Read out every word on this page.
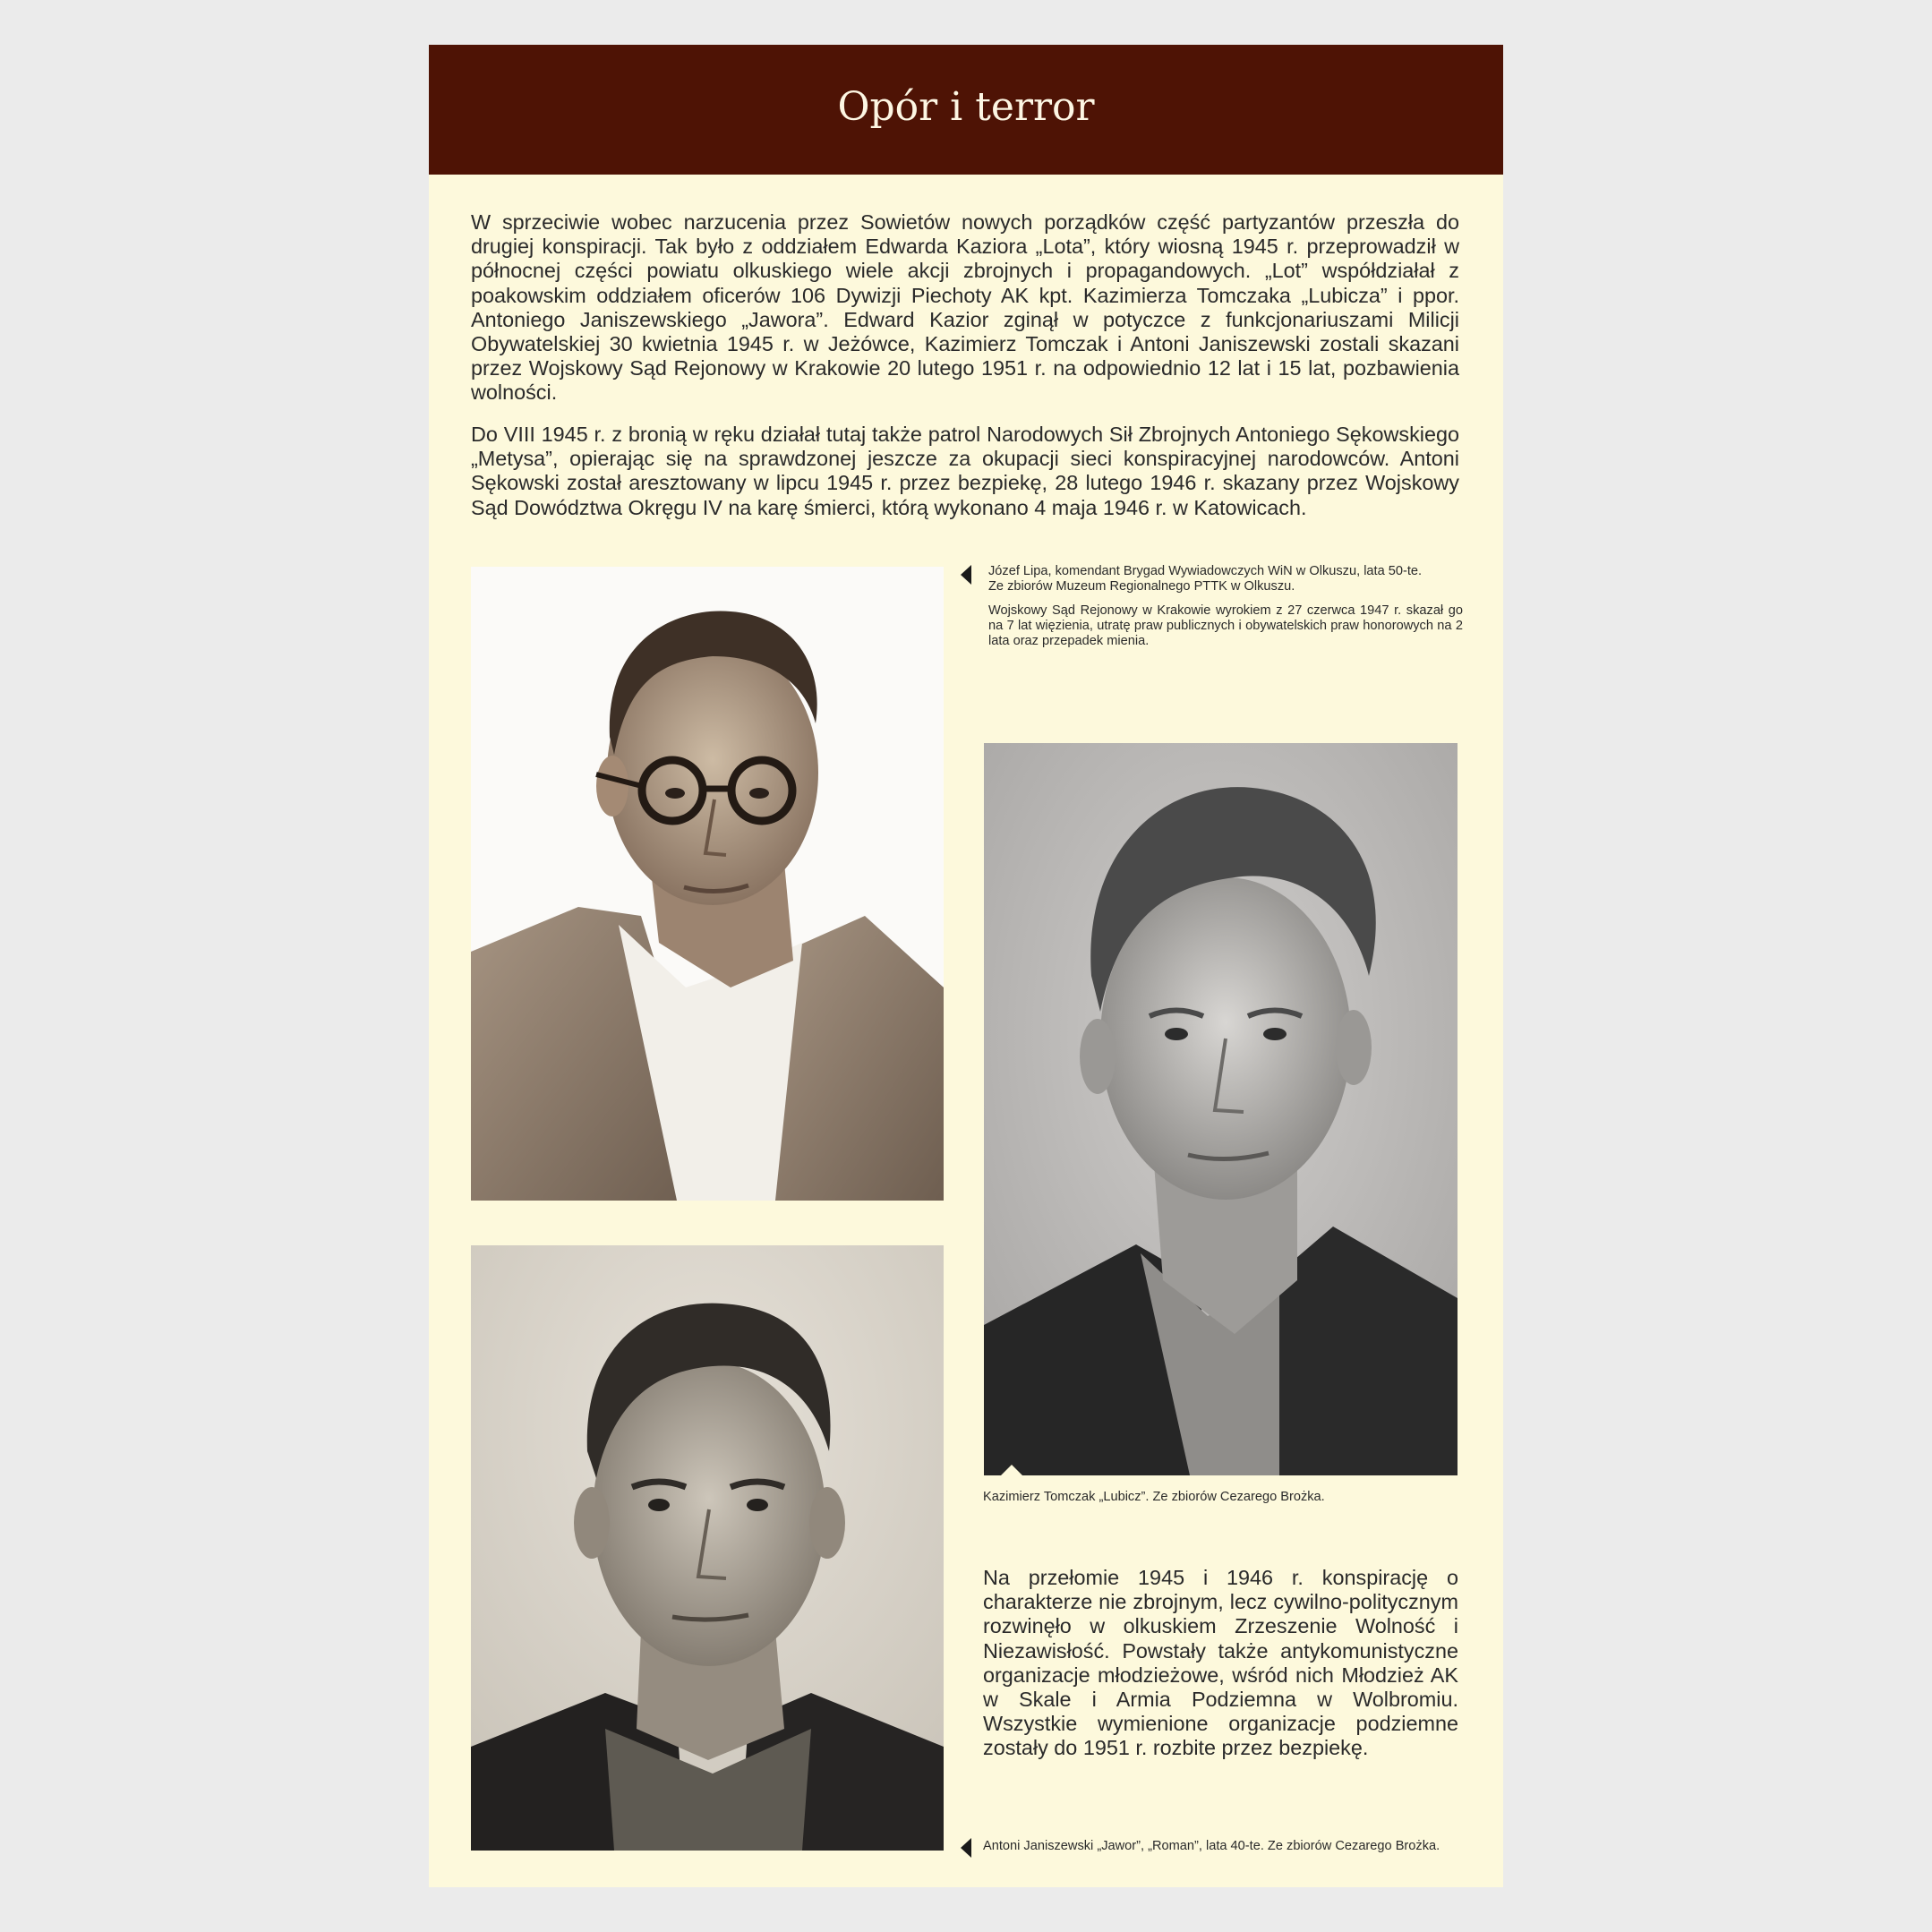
Opór i terror

W sprzeciwie wobec narzucenia przez Sowietów nowych porządków część partyzantów przeszła do drugiej konspiracji. Tak było z oddziałem Edwarda Kaziora „Lota”, który wiosną 1945 r. przeprowadził w północnej części powiatu olkuskiego wiele akcji zbrojnych i propagandowych. „Lot” współdziałał z poakowskim oddziałem oficerów 106 Dywizji Piechoty AK kpt. Kazimierza Tomczaka „Lubicza” i ppor. Antoniego Janiszewskiego „Jawora”. Edward Kazior zginął w potyczce z funkcjonariuszami Milicji Obywatelskiej 30 kwietnia 1945 r. w Jeżówce, Kazimierz Tomczak i Antoni Janiszewski zostali skazani przez Wojskowy Sąd Rejonowy w Krakowie 20 lutego 1951 r. na odpowiednio 12 lat i 15 lat, pozbawienia wolności.

Do VIII 1945 r. z bronią w ręku działał tutaj także patrol Narodowych Sił Zbrojnych Antoniego Sękowskiego „Metysa”, opierając się na sprawdzonej jeszcze za okupacji sieci konspiracyjnej narodowców. Antoni Sękowski został aresztowany w lipcu 1945 r. przez bezpiekę, 28 lutego 1946 r. skazany przez Wojskowy Sąd Dowództwa Okręgu IV na karę śmierci, którą wykonano 4 maja 1946 r. w Katowicach.

Kazimierz Tomczak „Lubicz”. Ze zbiorów Cezarego Brożka.

Józef Lipa, komendant Brygad Wywiadowczych WiN w Olkuszu, lata 50-te.
Ze zbiorów Muzeum Regionalnego PTTK w Olkuszu.

Wojskowy Sąd Rejonowy w Krakowie wyrokiem z 27 czerwca 1947 r. skazał go na 7 lat więzienia, utratę praw publicznych i obywatelskich praw honorowych na 2 lata oraz przepadek mienia.

Na przełomie 1945 i 1946 r. konspirację o charakterze nie zbrojnym, lecz cywilno-politycznym rozwinęło w olkuskiem Zrzeszenie Wolność i Niezawisłość. Powstały także antykomunistyczne organizacje młodzieżowe, wśród nich Młodzież AK w Skale i Armia Podziemna w Wolbromiu. Wszystkie wymienione organizacje podziemne zostały do 1951 r. rozbite przez bezpiekę.

Antoni Janiszewski „Jawor”, „Roman”, lata 40-te. Ze zbiorów Cezarego Brożka.
